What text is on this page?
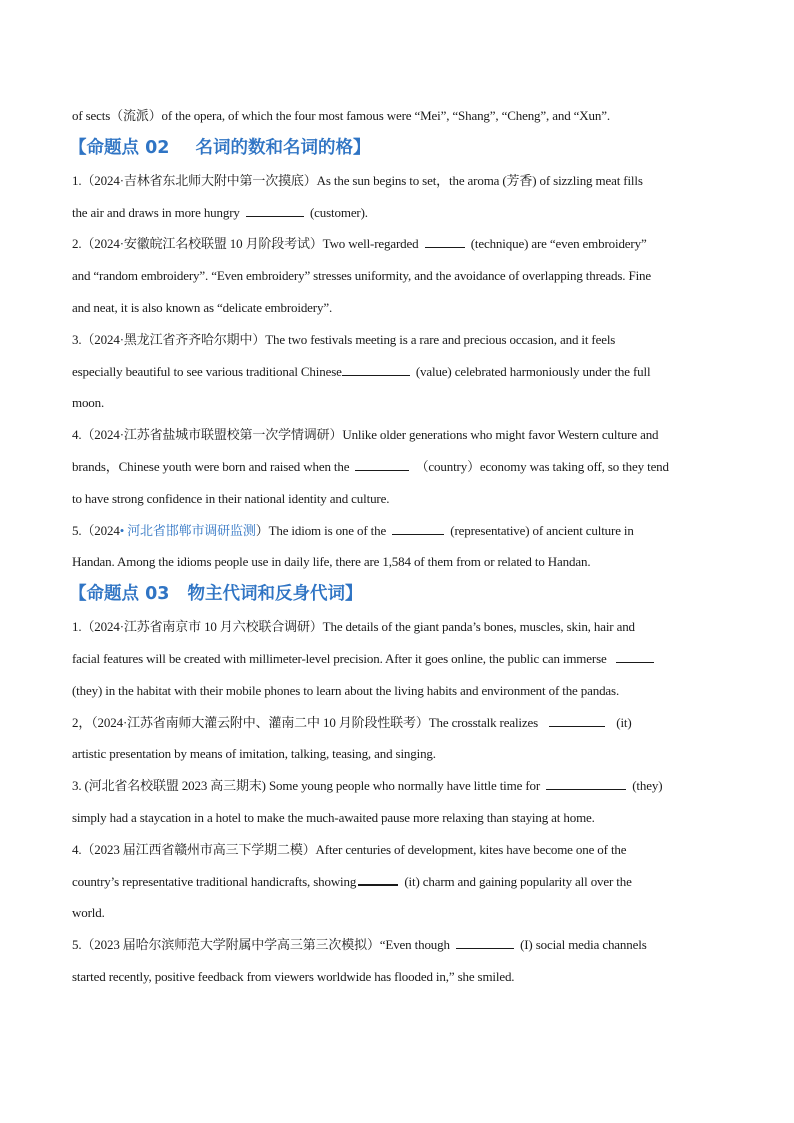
of sects（流派）of the opera, of which the four most famous were “Mei”, “Shang”, “Cheng”, and “Xun”.
【命题点 02 名词的数和名词的格】
1.（2024·吉林省东北师大附中第一次摸底）As the sun begins to set，the aroma (芳香) of sizzling meat fills
the air and draws in more hungry	(customer).
2.（2024·安徽皖江名校联盟 10 月阶段考试）Two well-regarded	(technique) are “even embroidery”
and “random embroidery”. “Even embroidery” stresses uniformity, and the avoidance of overlapping threads. Fine
and neat, it is also known as “delicate embroidery”.
3.（2024·黑龙江省齐齐哈尔期中）The two festivals meeting is a rare and precious occasion, and it feels
especially beautiful to see various traditional Chinese	(value) celebrated harmoniously under the full
moon.
4.（2024·江苏省盐城市联盟校第一次学情调研）Unlike older generations who might favor Western culture and
brands，Chinese youth were born and raised when the	（country）economy was taking off, so they tend
to have strong confidence in their national identity and culture.
5.（2024• 河北省邯郸市调研监测）The idiom is one of the	(representative) of ancient culture in
Handan. Among the idioms people use in daily life, there are 1,584 of them from or related to Handan.
【命题点 03 物主代词和反身代词】
1.（2024·江苏省南京市 10 月六校联合调研）The details of the giant panda’s bones, muscles, skin, hair and
facial features will be created with millimeter-level precision. After it goes online, the public can immerse
(they) in the habitat with their mobile phones to learn about the living habits and environment of the pandas.
2，（2024·江苏省南师大灌云附中、灌南二中 10 月阶段性联考）The crosstalk realizes	(it)
artistic presentation by means of imitation, talking, teasing, and singing.
3. (河北省名校联盟 2023 高三期末) Some young people who normally have little time for	(they)
simply had a staycation in a hotel to make the much-awaited pause more relaxing than staying at home.
4.（2023 届江西省赣州市高三下学期二模）After centuries of development, kites have become one of the
country’s representative traditional handicrafts, showing	(it) charm and gaining popularity all over the
world.
5.（2023 届哈尔滨师范大学附属中学高三第三次模拟）“Even though	(I) social media channels
started recently, positive feedback from viewers worldwide has flooded in,” she smiled.
